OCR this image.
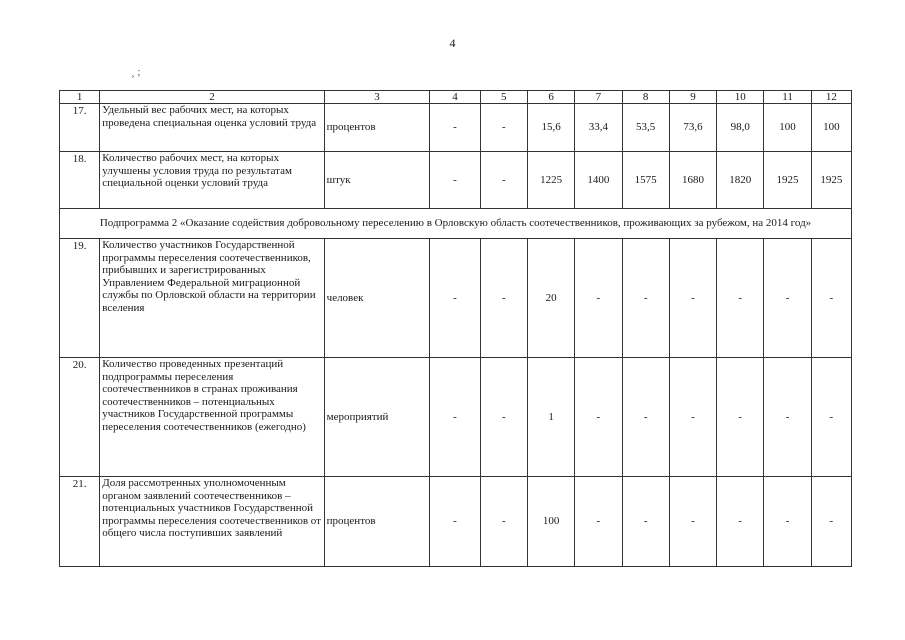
4
¸ ;
1	2	3	4	5	6	7	8	9	10	11	12
17.	Удельный вес рабочих мест, на которых проведена специальная оценка условий труда	процентов	-	-	15,6	33,4	53,5	73,6	98,0	100	100
18.	Количество рабочих мест, на которых улучшены условия труда по результатам специальной оценки условий труда	штук	-	-	1225	1400	1575	1680	1820	1925	1925
Подпрограмма 2 «Оказание содействия добровольному переселению в Орловскую область соотечественников, проживающих за рубежом, на 2014 год»											
19.	Количество участников Государственной программы переселения соотечественников, прибывших и зарегистрированных Управлением Федеральной миграционной службы по Орловской области на территории вселения	человек	-	-	20	-	-	-	-	-	-
20.	Количество проведенных презентаций подпрограммы переселения соотечественников в странах проживания соотечественников – потенциальных участников Государственной программы переселения соотечественников (ежегодно)	мероприятий	-	-	1	-	-	-	-	-	-
21.	Доля рассмотренных уполномоченным органом заявлений соотечественников – потенциальных участников Государственной программы переселения соотечественников от общего числа поступивших заявлений	процентов	-	-	100	-	-	-	-	-	-
